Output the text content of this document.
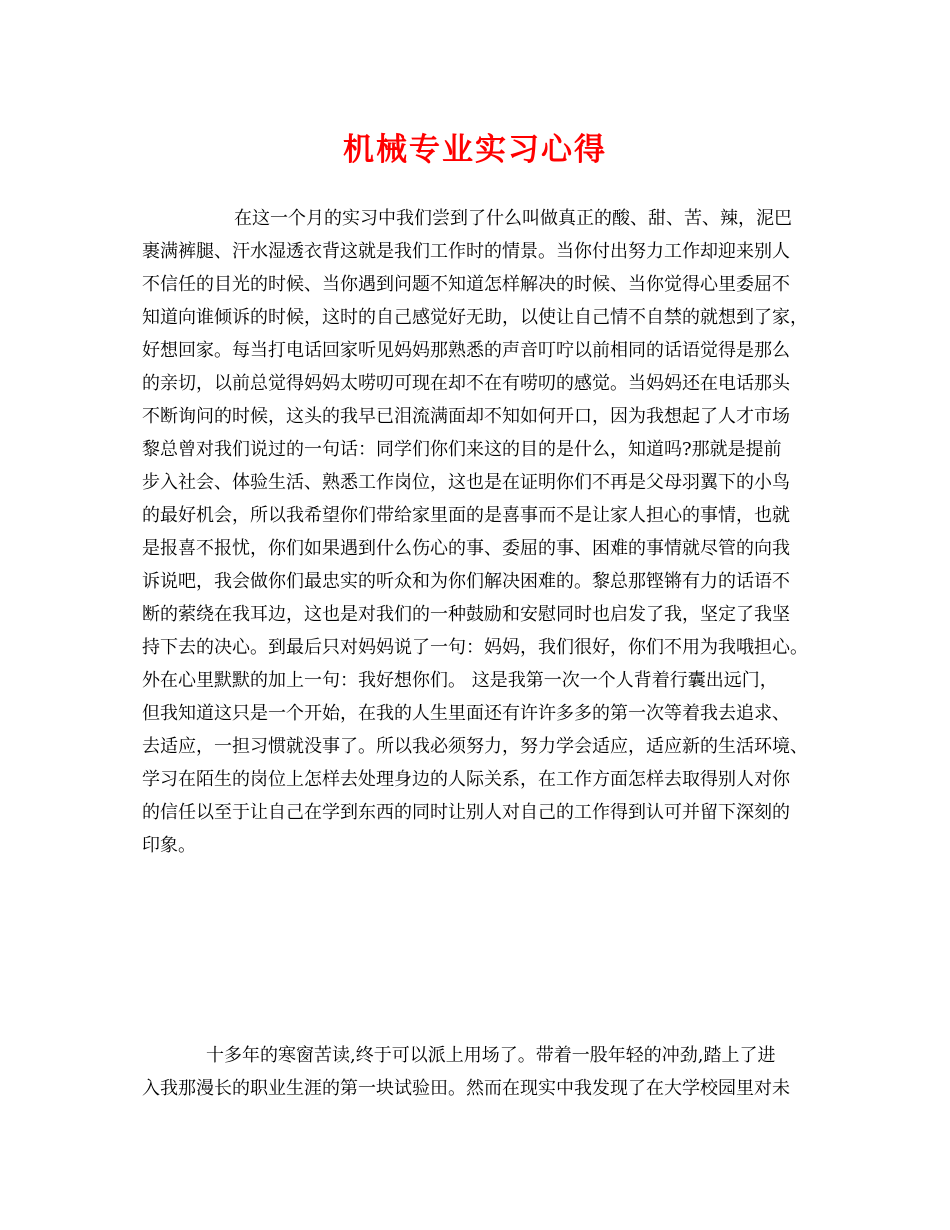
机械专业实习心得
在这一个月的实习中我们尝到了什么叫做真正的酸、甜、苦、辣，泥巴
裹满裤腿、汗水湿透衣背这就是我们工作时的情景。当你付出努力工作却迎来别人
不信任的目光的时候、当你遇到问题不知道怎样解决的时候、当你觉得心里委屈不
知道向谁倾诉的时候，这时的自己感觉好无助，以使让自己情不自禁的就想到了家，
好想回家。每当打电话回家听见妈妈那熟悉的声音叮咛以前相同的话语觉得是那么
的亲切，以前总觉得妈妈太唠叨可现在却不在有唠叨的感觉。当妈妈还在电话那头
不断询问的时候，这头的我早已泪流满面却不知如何开口，因为我想起了人才市场
黎总曾对我们说过的一句话：同学们你们来这的目的是什么，知道吗?那就是提前
步入社会、体验生活、熟悉工作岗位，这也是在证明你们不再是父母羽翼下的小鸟
的最好机会，所以我希望你们带给家里面的是喜事而不是让家人担心的事情，也就
是报喜不报忧，你们如果遇到什么伤心的事、委屈的事、困难的事情就尽管的向我
诉说吧，我会做你们最忠实的听众和为你们解决困难的。黎总那铿锵有力的话语不
断的萦绕在我耳边，这也是对我们的一种鼓励和安慰同时也启发了我，坚定了我坚
持下去的决心。到最后只对妈妈说了一句：妈妈，我们很好，你们不用为我哦担心。
外在心里默默的加上一句：我好想你们。 这是我第一次一个人背着行囊出远门，
但我知道这只是一个开始，在我的人生里面还有许许多多的第一次等着我去追求、
去适应，一担习惯就没事了。所以我必须努力，努力学会适应，适应新的生活环境、
学习在陌生的岗位上怎样去处理身边的人际关系，在工作方面怎样去取得别人对你
的信任以至于让自己在学到东西的同时让别人对自己的工作得到认可并留下深刻的
印象。
十多年的寒窗苦读,终于可以派上用场了。带着一股年轻的冲劲,踏上了进
入我那漫长的职业生涯的第一块试验田。然而在现实中我发现了在大学校园里对未
